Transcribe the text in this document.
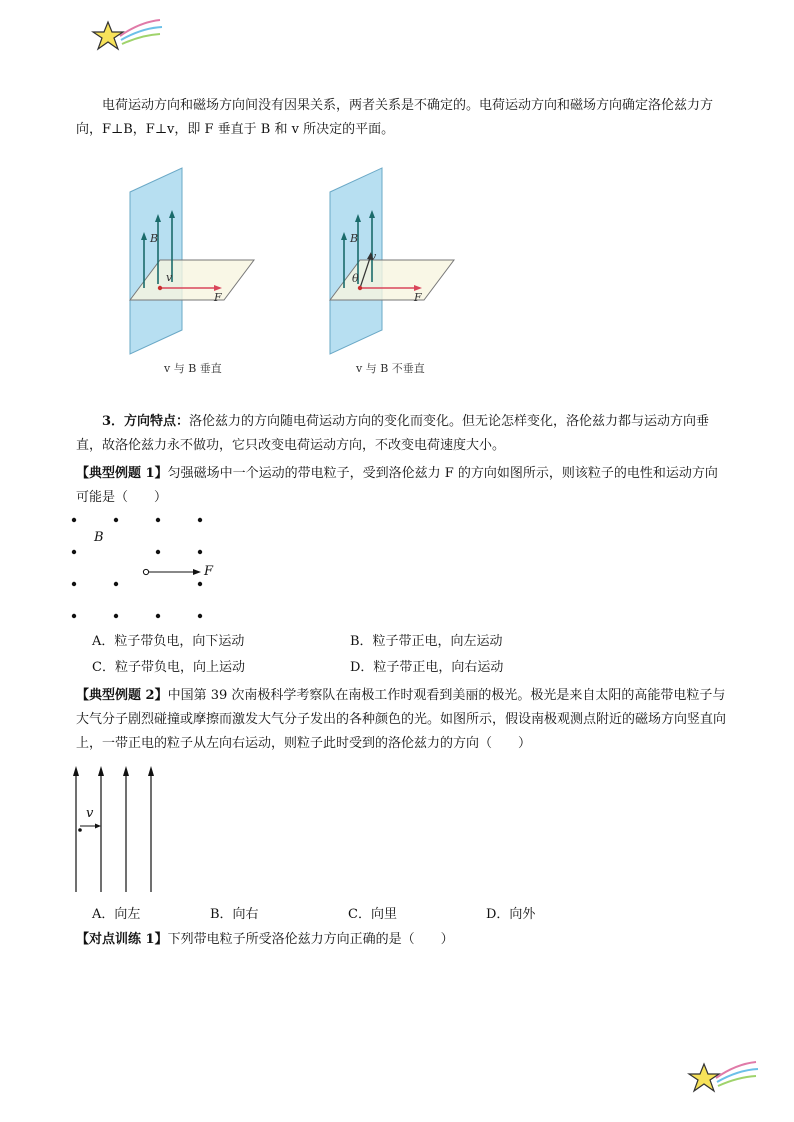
电荷运动方向和磁场方向间没有因果关系，两者关系是不确定的。电荷运动方向和磁场方向确定洛伦兹力方向，F⊥B，F⊥v，即 F 垂直于 B 和 v 所决定的平面。
B
v
F
v 与 B 垂直
B
v
θ
F
v 与 B 不垂直
3．方向特点：洛伦兹力的方向随电荷运动方向的变化而变化。但无论怎样变化，洛伦兹力都与运动方向垂直，故洛伦兹力永不做功，它只改变电荷运动方向，不改变电荷速度大小。
【典型例题 1】匀强磁场中一个运动的带电粒子，受到洛伦兹力 F 的方向如图所示，则该粒子的电性和运动方向可能是（　　）
B
F
A．粒子带负电，向下运动	B．粒子带正电，向左运动
C．粒子带负电，向上运动	D．粒子带正电，向右运动
【典型例题 2】中国第 39 次南极科学考察队在南极工作时观看到美丽的极光。极光是来自太阳的高能带电粒子与大气分子剧烈碰撞或摩擦而激发大气分子发出的各种颜色的光。如图所示，假设南极观测点附近的磁场方向竖直向上，一带正电的粒子从左向右运动，则粒子此时受到的洛伦兹力的方向（　　）
v
A．向左	B．向右	C．向里	D．向外
【对点训练 1】下列带电粒子所受洛伦兹力方向正确的是（　　）
